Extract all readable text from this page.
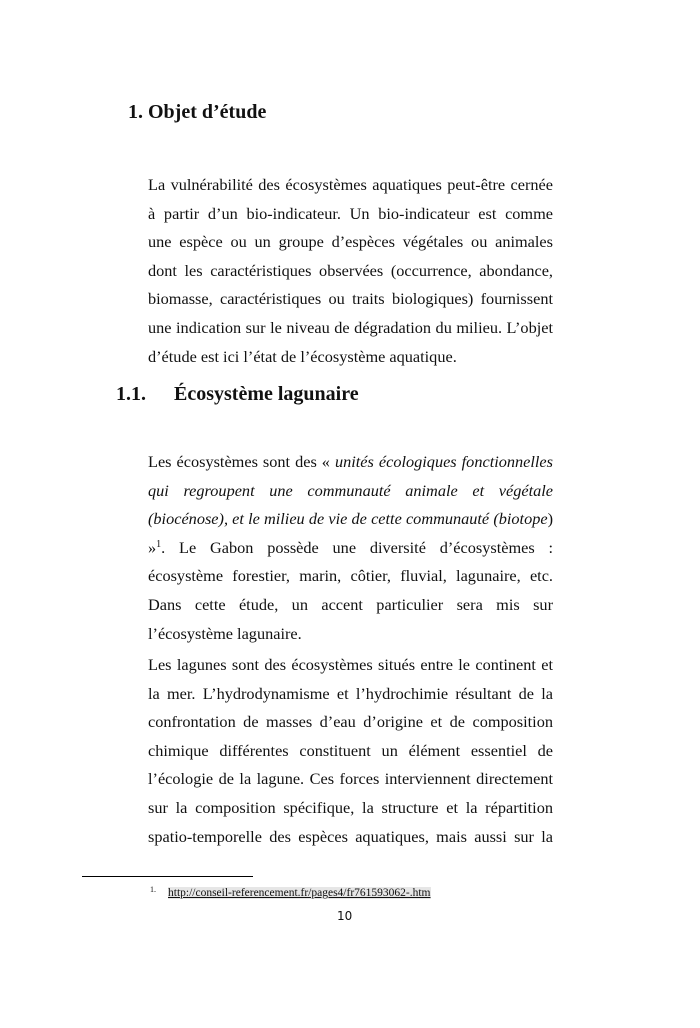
1. Objet d’étude
1.1. Écosystème lagunaire
La vulnérabilité des écosystèmes aquatiques peut-être cernée
à partir d’un bio-indicateur. Un bio-indicateur est comme
une espèce ou un groupe d’espèces végétales ou animales
dont les caractéristiques observées (occurrence, abondance,
biomasse, caractéristiques ou traits biologiques) fournissent
une indication sur le niveau de dégradation du milieu. L’objet
d’étude est ici l’état de l’écosystème aquatique.
Les écosystèmes sont des « unités écologiques fonctionnelles
qui regroupent une communauté animale et végétale
(biocénose), et le milieu de vie de cette communauté (biotope)
»$^1$. Le Gabon possède une diversité d’écosystèmes :
écosystème forestier, marin, côtier, fluvial, lagunaire, etc.
Dans cette étude, un accent particulier sera mis sur
l’écosystème lagunaire.
Les lagunes sont des écosystèmes situés entre le continent et
la mer. L’hydrodynamisme et l’hydrochimie résultant de la
confrontation de masses d’eau d’origine et de composition
chimique différentes constituent un élément essentiel de
l’écologie de la lagune. Ces forces interviennent directement
sur la composition spécifique, la structure et la répartition
spatio-temporelle des espèces aquatiques, mais aussi sur la
$^{1.}$ http://conseil-referencement.fr/pages4/fr761593062-.htm
10
